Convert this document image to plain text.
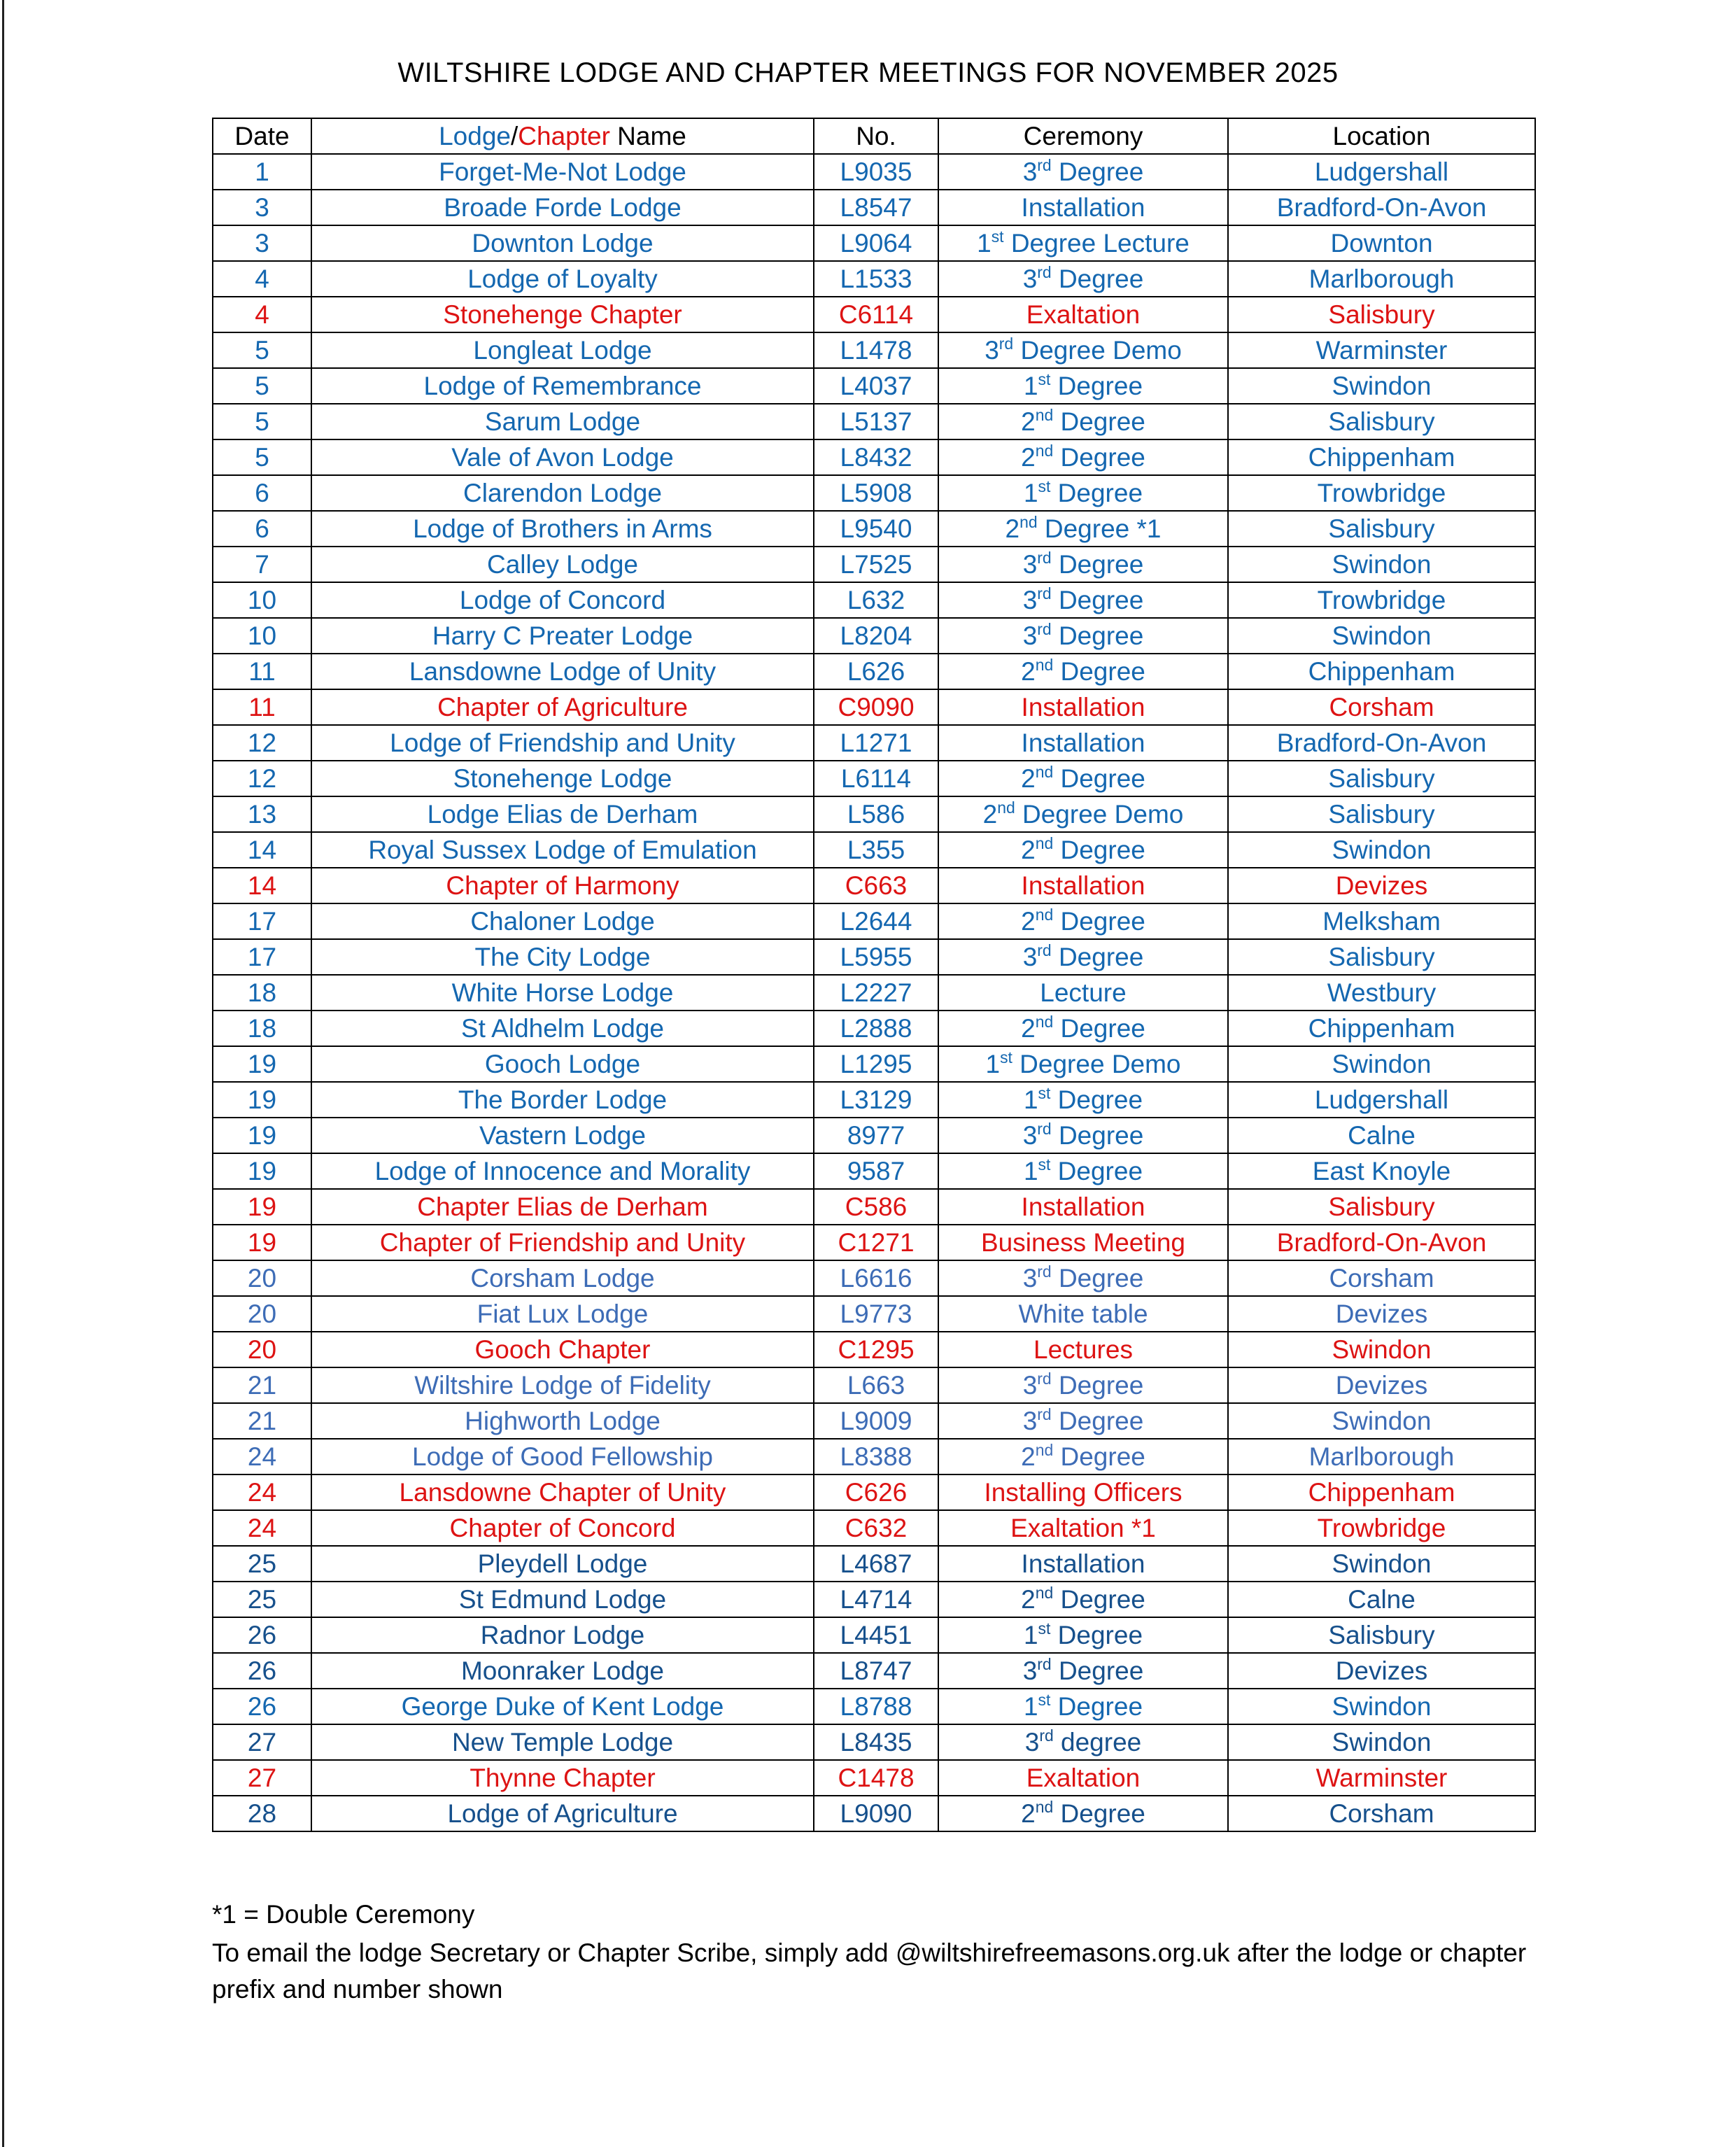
WILTSHIRE LODGE AND CHAPTER MEETINGS FOR NOVEMBER 2025
Date	Lodge/Chapter Name	No.	Ceremony	Location
1	Forget-Me-Not Lodge	L9035	3rd Degree	Ludgershall
3	Broade Forde Lodge	L8547	Installation	Bradford-On-Avon
3	Downton Lodge	L9064	1st Degree Lecture	Downton
4	Lodge of Loyalty	L1533	3rd Degree	Marlborough
4	Stonehenge Chapter	C6114	Exaltation	Salisbury
5	Longleat Lodge	L1478	3rd Degree Demo	Warminster
5	Lodge of Remembrance	L4037	1st Degree	Swindon
5	Sarum Lodge	L5137	2nd Degree	Salisbury
5	Vale of Avon Lodge	L8432	2nd Degree	Chippenham
6	Clarendon Lodge	L5908	1st Degree	Trowbridge
6	Lodge of Brothers in Arms	L9540	2nd Degree *1	Salisbury
7	Calley Lodge	L7525	3rd Degree	Swindon
10	Lodge of Concord	L632	3rd Degree	Trowbridge
10	Harry C Preater Lodge	L8204	3rd Degree	Swindon
11	Lansdowne Lodge of Unity	L626	2nd Degree	Chippenham
11	Chapter of Agriculture	C9090	Installation	Corsham
12	Lodge of Friendship and Unity	L1271	Installation	Bradford-On-Avon
12	Stonehenge Lodge	L6114	2nd Degree	Salisbury
13	Lodge Elias de Derham	L586	2nd Degree Demo	Salisbury
14	Royal Sussex Lodge of Emulation	L355	2nd Degree	Swindon
14	Chapter of Harmony	C663	Installation	Devizes
17	Chaloner Lodge	L2644	2nd Degree	Melksham
17	The City Lodge	L5955	3rd Degree	Salisbury
18	White Horse Lodge	L2227	Lecture	Westbury
18	St Aldhelm Lodge	L2888	2nd Degree	Chippenham
19	Gooch Lodge	L1295	1st Degree Demo	Swindon
19	The Border Lodge	L3129	1st Degree	Ludgershall
19	Vastern Lodge	8977	3rd Degree	Calne
19	Lodge of Innocence and Morality	9587	1st Degree	East Knoyle
19	Chapter Elias de Derham	C586	Installation	Salisbury
19	Chapter of Friendship and Unity	C1271	Business Meeting	Bradford-On-Avon
20	Corsham Lodge	L6616	3rd Degree	Corsham
20	Fiat Lux Lodge	L9773	White table	Devizes
20	Gooch Chapter	C1295	Lectures	Swindon
21	Wiltshire Lodge of Fidelity	L663	3rd Degree	Devizes
21	Highworth Lodge	L9009	3rd Degree	Swindon
24	Lodge of Good Fellowship	L8388	2nd Degree	Marlborough
24	Lansdowne Chapter of Unity	C626	Installing Officers	Chippenham
24	Chapter of Concord	C632	Exaltation *1	Trowbridge
25	Pleydell Lodge	L4687	Installation	Swindon
25	St Edmund Lodge	L4714	2nd Degree	Calne
26	Radnor Lodge	L4451	1st Degree	Salisbury
26	Moonraker Lodge	L8747	3rd Degree	Devizes
26	George Duke of Kent Lodge	L8788	1st Degree	Swindon
27	New Temple Lodge	L8435	3rd degree	Swindon
27	Thynne Chapter	C1478	Exaltation	Warminster
28	Lodge of Agriculture	L9090	2nd Degree	Corsham
*1 = Double Ceremony
To email the lodge Secretary or Chapter Scribe, simply add @wiltshirefreemasons.org.uk after the lodge or chapter prefix and number shown
